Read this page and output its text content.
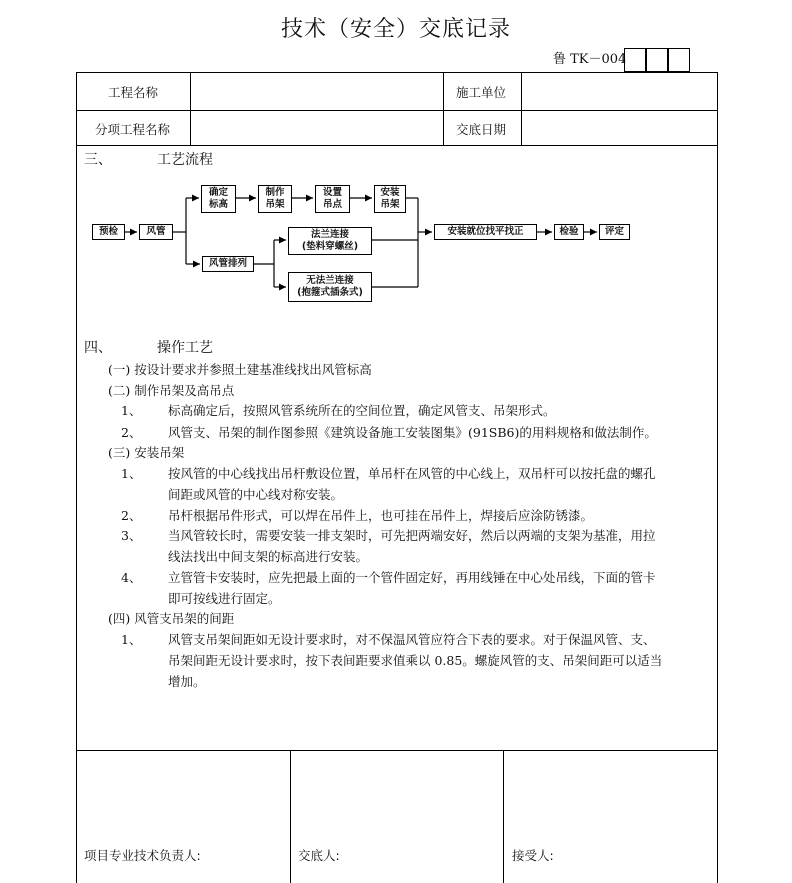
技术（安全）交底记录
鲁 TK－004
工程名称	施工单位
分项工程名称	交底日期
三、	工艺流程
预检	风管
确定
标高
制作
吊架
设置
吊点
安装
吊架
风管排列
法兰连接
(垫料穿螺丝)
无法兰连接
(抱箍式插条式)
安装就位找平找正	检验	评定
四、	操作工艺
(一) 按设计要求并参照土建基准线找出风管标高
(二) 制作吊架及高吊点
1、 标高确定后，按照风管系统所在的空间位置，确定风管支、吊架形式。
2、 风管支、吊架的制作图参照《建筑设备施工安装图集》(91SB6)的用料规格和做法制作。
(三) 安装吊架
1、 按风管的中心线找出吊杆敷设位置，单吊杆在风管的中心线上，双吊杆可以按托盘的螺孔
间距或风管的中心线对称安装。
2、 吊杆根据吊件形式，可以焊在吊件上，也可挂在吊件上，焊接后应涂防锈漆。
3、 当风管较长时，需要安装一排支架时，可先把两端安好，然后以两端的支架为基准，用拉
线法找出中间支架的标高进行安装。
4、 立管管卡安装时，应先把最上面的一个管件固定好，再用线锤在中心处吊线，下面的管卡
即可按线进行固定。
(四) 风管支吊架的间距
1、 风管支吊架间距如无设计要求时，对不保温风管应符合下表的要求。对于保温风管、支、
吊架间距无设计要求时，按下表间距要求值乘以 0.85。螺旋风管的支、吊架间距可以适当
增加。
项目专业技术负责人:	交底人:	接受人:
